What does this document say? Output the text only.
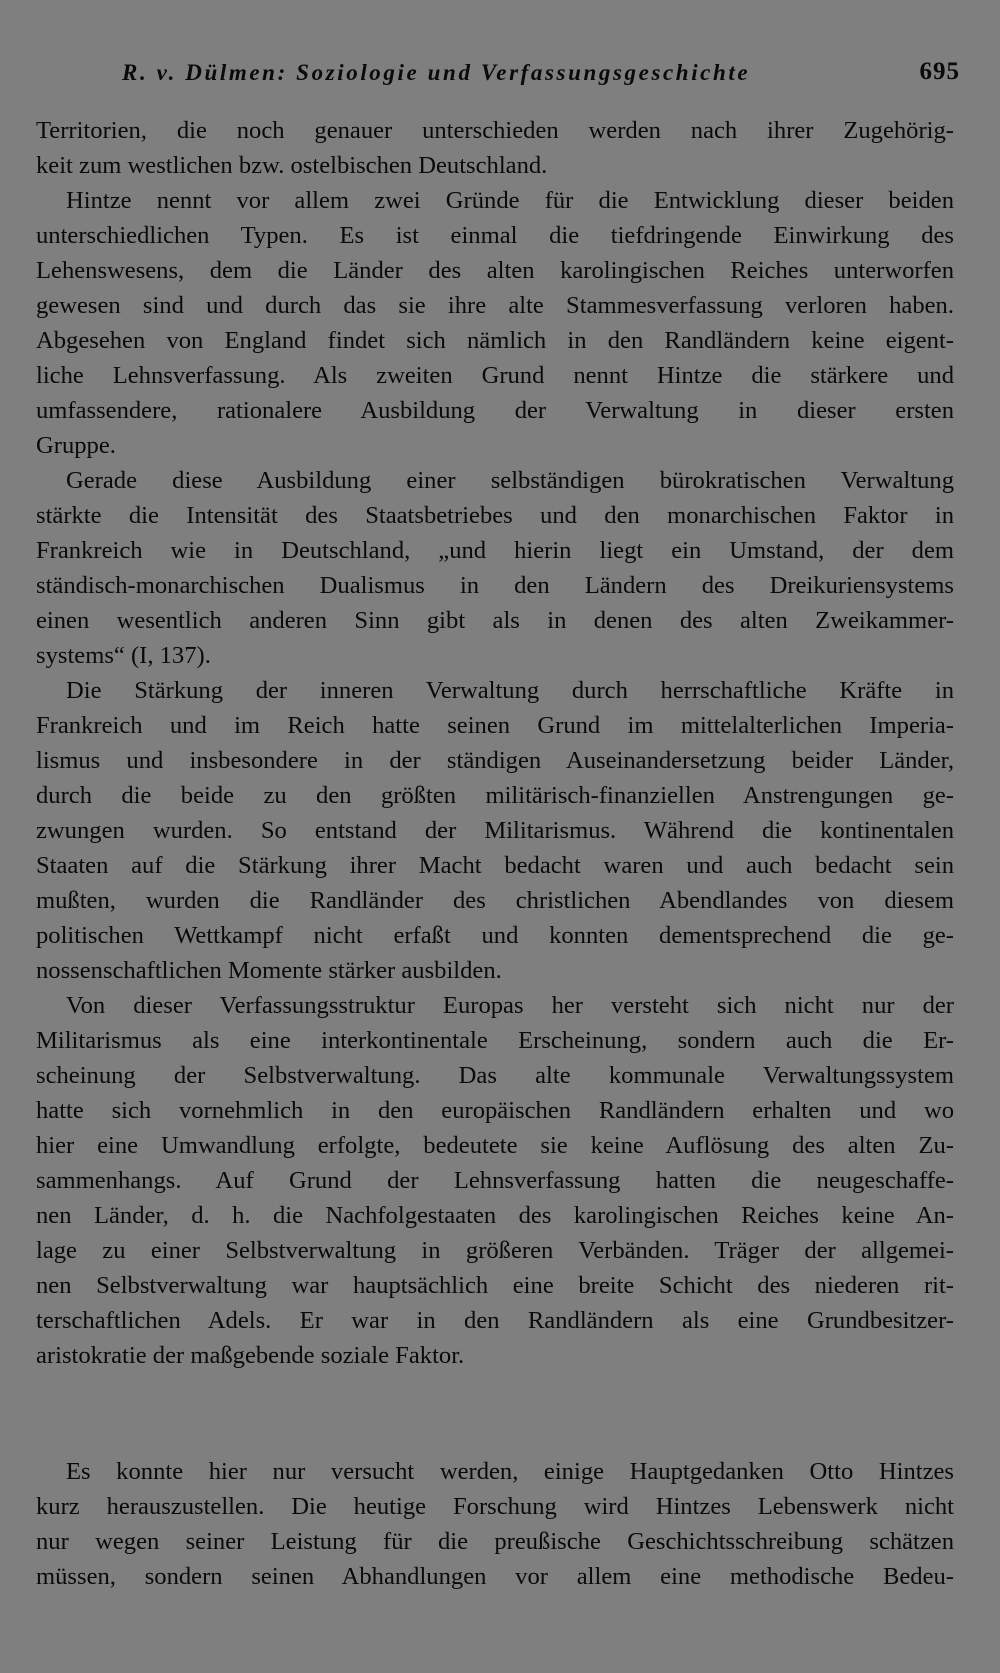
R. v. Dülmen: Soziologie und Verfassungsgeschichte	695
Territorien, die noch genauer unterschieden werden nach ihrer Zugehörig-
keit zum westlichen bzw. ostelbischen Deutschland.
Hintze nennt vor allem zwei Gründe für die Entwicklung dieser beiden
unterschiedlichen Typen. Es ist einmal die tiefdringende Einwirkung des
Lehenswesens, dem die Länder des alten karolingischen Reiches unterworfen
gewesen sind und durch das sie ihre alte Stammesverfassung verloren haben.
Abgesehen von England findet sich nämlich in den Randländern keine eigent-
liche Lehnsverfassung. Als zweiten Grund nennt Hintze die stärkere und
umfassendere, rationalere Ausbildung der Verwaltung in dieser ersten
Gruppe.
Gerade diese Ausbildung einer selbständigen bürokratischen Verwaltung
stärkte die Intensität des Staatsbetriebes und den monarchischen Faktor in
Frankreich wie in Deutschland, „und hierin liegt ein Umstand, der dem
ständisch-monarchischen Dualismus in den Ländern des Dreikuriensystems
einen wesentlich anderen Sinn gibt als in denen des alten Zweikammer-
systems“ (I, 137).
Die Stärkung der inneren Verwaltung durch herrschaftliche Kräfte in
Frankreich und im Reich hatte seinen Grund im mittelalterlichen Imperia-
lismus und insbesondere in der ständigen Auseinandersetzung beider Länder,
durch die beide zu den größten militärisch-finanziellen Anstrengungen ge-
zwungen wurden. So entstand der Militarismus. Während die kontinentalen
Staaten auf die Stärkung ihrer Macht bedacht waren und auch bedacht sein
mußten, wurden die Randländer des christlichen Abendlandes von diesem
politischen Wettkampf nicht erfaßt und konnten dementsprechend die ge-
nossenschaftlichen Momente stärker ausbilden.
Von dieser Verfassungsstruktur Europas her versteht sich nicht nur der
Militarismus als eine interkontinentale Erscheinung, sondern auch die Er-
scheinung der Selbstverwaltung. Das alte kommunale Verwaltungssystem
hatte sich vornehmlich in den europäischen Randländern erhalten und wo
hier eine Umwandlung erfolgte, bedeutete sie keine Auflösung des alten Zu-
sammenhangs. Auf Grund der Lehnsverfassung hatten die neugeschaffe-
nen Länder, d. h. die Nachfolgestaaten des karolingischen Reiches keine An-
lage zu einer Selbstverwaltung in größeren Verbänden. Träger der allgemei-
nen Selbstverwaltung war hauptsächlich eine breite Schicht des niederen rit-
terschaftlichen Adels. Er war in den Randländern als eine Grundbesitzer-
aristokratie der maßgebende soziale Faktor.
Es konnte hier nur versucht werden, einige Hauptgedanken Otto Hintzes
kurz herauszustellen. Die heutige Forschung wird Hintzes Lebenswerk nicht
nur wegen seiner Leistung für die preußische Geschichtsschreibung schätzen
müssen, sondern seinen Abhandlungen vor allem eine methodische Bedeu-
